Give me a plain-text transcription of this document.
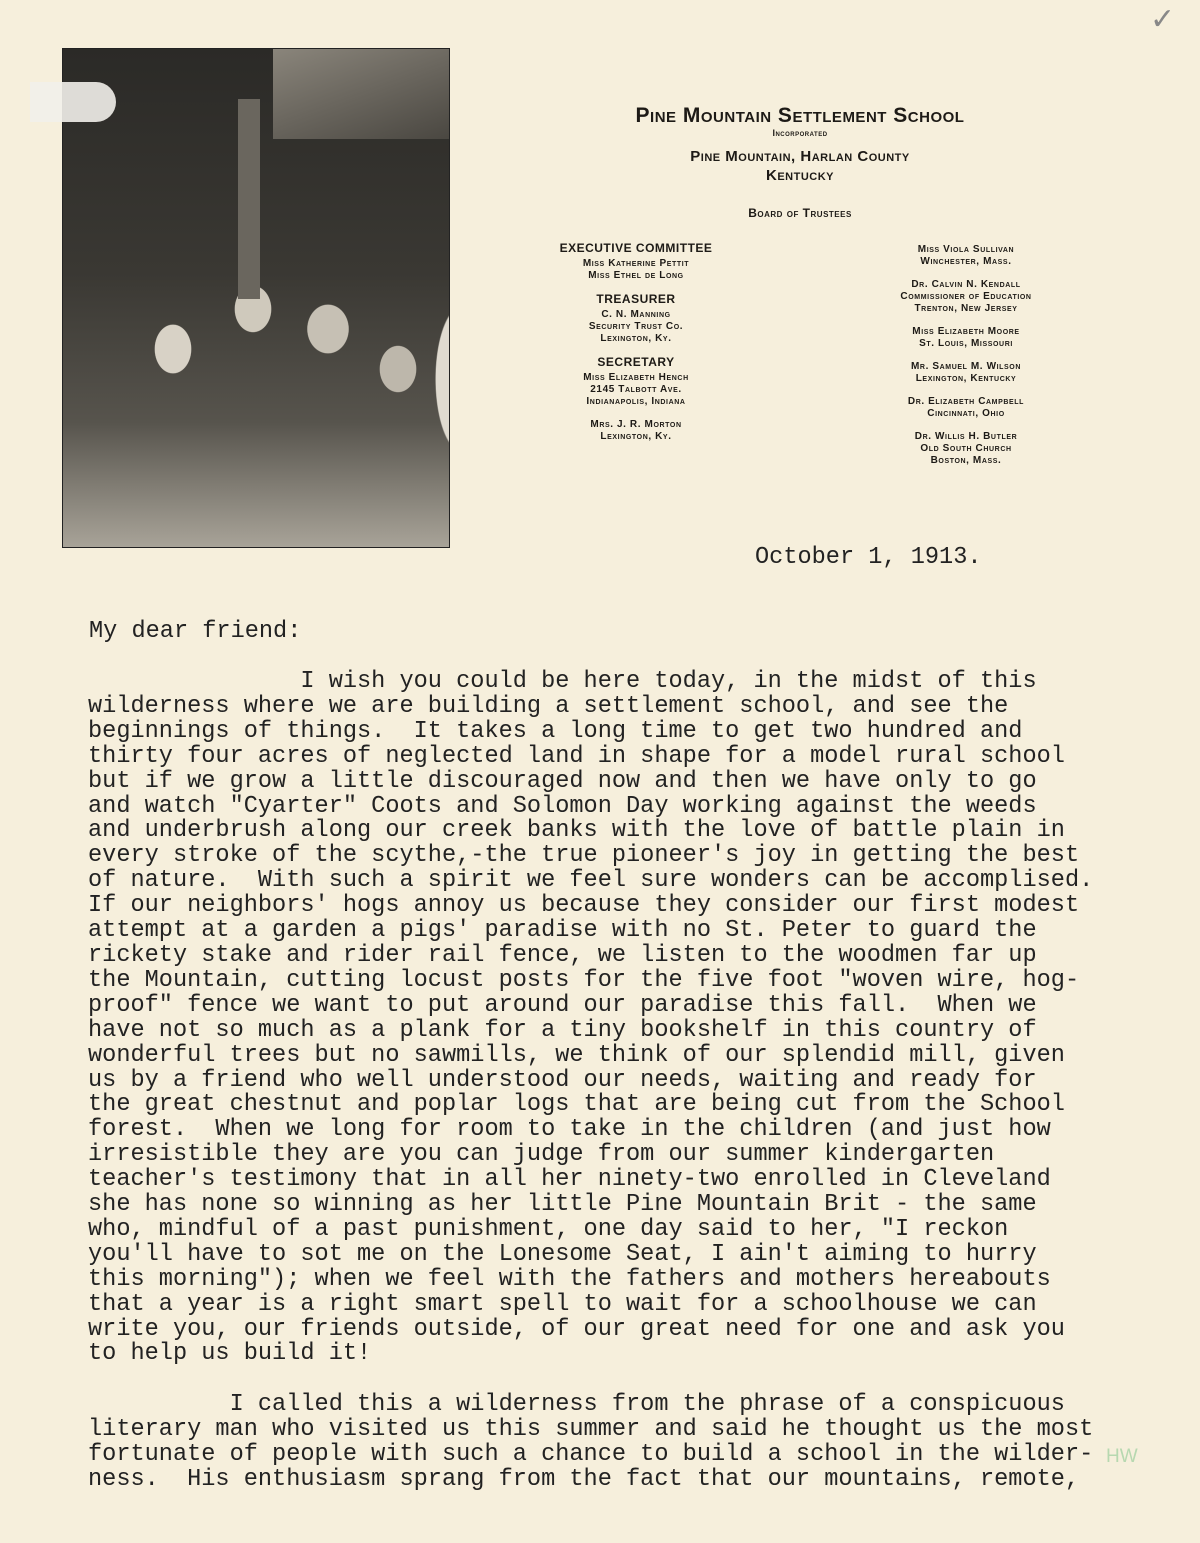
✓
Pine Mountain Settlement School
Incorporated
Pine Mountain, Harlan County
Kentucky
Board of Trustees
EXECUTIVE COMMITTEE
Miss Katherine Pettit
Miss Ethel de Long
TREASURER
C. N. Manning
Security Trust Co.
Lexington, Ky.
SECRETARY
Miss Elizabeth Hench
2145 Talbott Ave.
Indianapolis, Indiana
Mrs. J. R. Morton
Lexington, Ky.
Miss Viola Sullivan
Winchester, Mass.
Dr. Calvin N. Kendall
Commissioner of Education
Trenton, New Jersey
Miss Elizabeth Moore
St. Louis, Missouri
Mr. Samuel M. Wilson
Lexington, Kentucky
Dr. Elizabeth Campbell
Cincinnati, Ohio
Dr. Willis H. Butler
Old South Church
Boston, Mass.
October 1, 1913.
My dear friend:
I wish you could be here today, in the midst of this
wilderness where we are building a settlement school, and see the
beginnings of things.  It takes a long time to get two hundred and
thirty four acres of neglected land in shape for a model rural school
but if we grow a little discouraged now and then we have only to go
and watch "Cyarter" Coots and Solomon Day working against the weeds
and underbrush along our creek banks with the love of battle plain in
every stroke of the scythe,-the true pioneer's joy in getting the best
of nature.  With such a spirit we feel sure wonders can be accomplised.
If our neighbors' hogs annoy us because they consider our first modest
attempt at a garden a pigs' paradise with no St. Peter to guard the
rickety stake and rider rail fence, we listen to the woodmen far up
the Mountain, cutting locust posts for the five foot "woven wire, hog-
proof" fence we want to put around our paradise this fall.  When we
have not so much as a plank for a tiny bookshelf in this country of
wonderful trees but no sawmills, we think of our splendid mill, given
us by a friend who well understood our needs, waiting and ready for
the great chestnut and poplar logs that are being cut from the School
forest.  When we long for room to take in the children (and just how
irresistible they are you can judge from our summer kindergarten
teacher's testimony that in all her ninety-two enrolled in Cleveland
she has none so winning as her little Pine Mountain Brit - the same
who, mindful of a past punishment, one day said to her, "I reckon
you'll have to sot me on the Lonesome Seat, I ain't aiming to hurry
this morning"); when we feel with the fathers and mothers hereabouts
that a year is a right smart spell to wait for a schoolhouse we can
write you, our friends outside, of our great need for one and ask you
to help us build it!
I called this a wilderness from the phrase of a conspicuous
literary man who visited us this summer and said he thought us the most
fortunate of people with such a chance to build a school in the wilder-
ness.  His enthusiasm sprang from the fact that our mountains, remote,
HW
